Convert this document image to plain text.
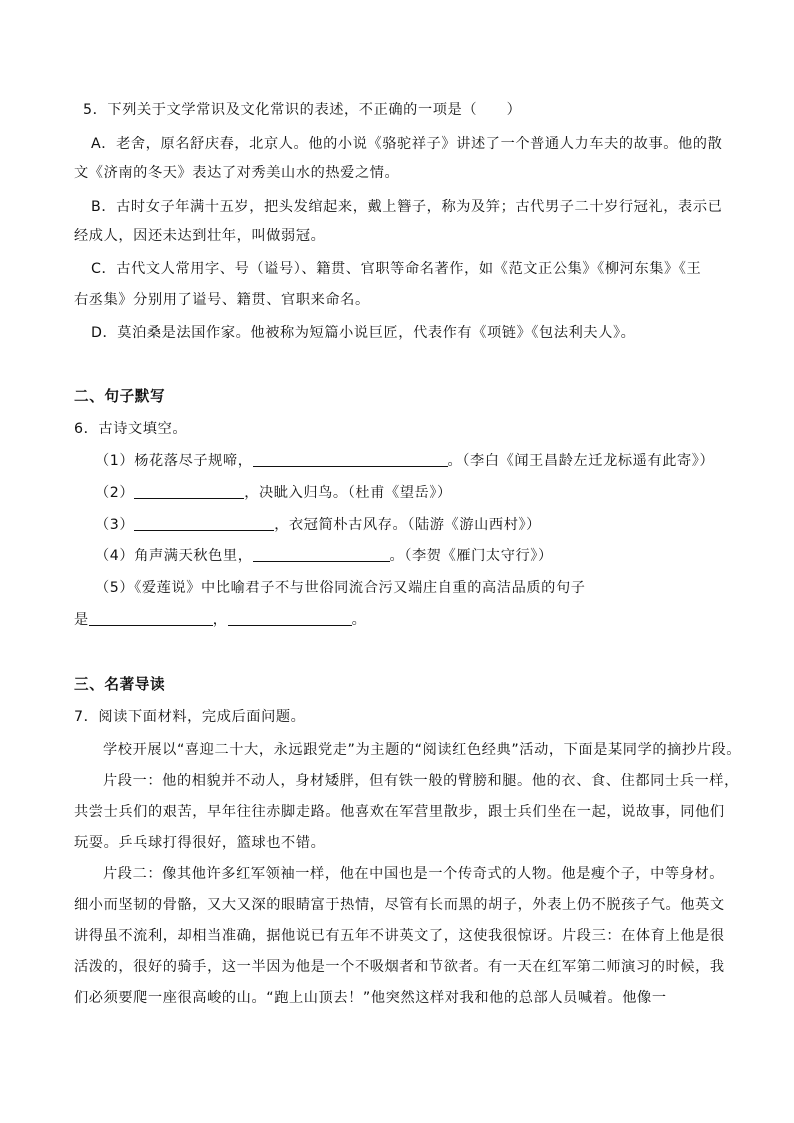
5．下列关于文学常识及文化常识的表述，不正确的一项是（　　）
A．老舍，原名舒庆春，北京人。他的小说《骆驼祥子》讲述了一个普通人力车夫的故事。他的散
文《济南的冬天》表达了对秀美山水的热爱之情。
B．古时女子年满十五岁，把头发绾起来，戴上簪子，称为及笄；古代男子二十岁行冠礼，表示已
经成人，因还未达到壮年，叫做弱冠。
C．古代文人常用字、号（谥号）、籍贯、官职等命名著作，如《范文正公集》《柳河东集》《王
右丞集》分别用了谥号、籍贯、官职来命名。
D．莫泊桑是法国作家。他被称为短篇小说巨匠，代表作有《项链》《包法利夫人》。
二、句子默写
6．古诗文填空。
（1）杨花落尽子规啼，	。（李白《闻王昌龄左迁龙标遥有此寄》）
（2）	，决眦入归鸟。（杜甫《望岳》）
（3）	，衣冠简朴古风存。（陆游《游山西村》）
（4）角声满天秋色里，	。（李贺《雁门太守行》）
（5）《爱莲说》中比喻君子不与世俗同流合污又端庄自重的高洁品质的句子
是	，	。
三、名著导读
7．阅读下面材料，完成后面问题。
学校开展以“喜迎二十大，永远跟党走”为主题的“阅读红色经典”活动，下面是某同学的摘抄片段。
片段一：他的相貌并不动人，身材矮胖，但有铁一般的臂膀和腿。他的衣、食、住都同士兵一样，
共尝士兵们的艰苦，早年往往赤脚走路。他喜欢在军营里散步，跟士兵们坐在一起，说故事，同他们
玩耍。乒乓球打得很好，篮球也不错。
片段二：像其他许多红军领袖一样，他在中国也是一个传奇式的人物。他是瘦个子，中等身材。
细小而坚韧的骨骼，又大又深的眼睛富于热情，尽管有长而黑的胡子，外表上仍不脱孩子气。他英文
讲得虽不流利，却相当准确，据他说已有五年不讲英文了，这使我很惊讶。片段三：在体育上他是很
活泼的，很好的骑手，这一半因为他是一个不吸烟者和节欲者。有一天在红军第二师演习的时候，我
们必须要爬一座很高峻的山。“跑上山顶去！”他突然这样对我和他的总部人员喊着。他像一
